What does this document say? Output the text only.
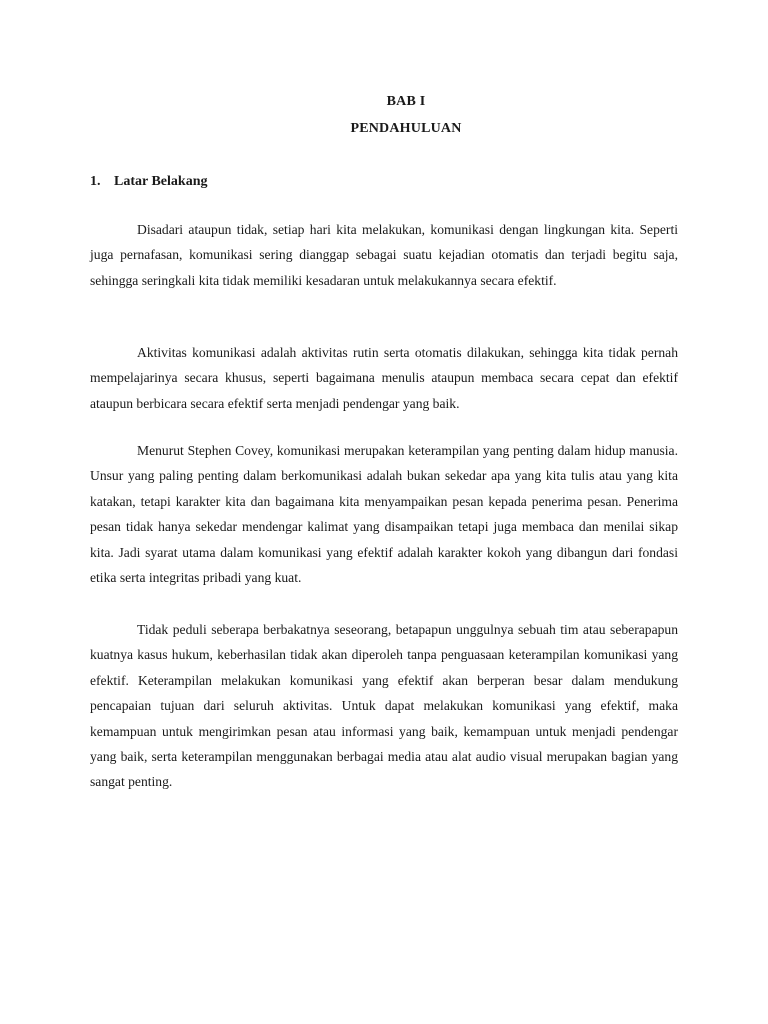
BAB I
PENDAHULUAN
1. Latar Belakang

Disadari ataupun tidak, setiap hari kita melakukan, komunikasi dengan lingkungan kita. Seperti juga pernafasan, komunikasi sering dianggap sebagai suatu kejadian otomatis dan terjadi begitu saja, sehingga seringkali kita tidak memiliki kesadaran untuk melakukannya secara efektif.

Aktivitas komunikasi adalah aktivitas rutin serta otomatis dilakukan, sehingga kita tidak pernah mempelajarinya secara khusus, seperti bagaimana menulis ataupun membaca secara cepat dan efektif ataupun berbicara secara efektif serta menjadi pendengar yang baik.

Menurut Stephen Covey, komunikasi merupakan keterampilan yang penting dalam hidup manusia. Unsur yang paling penting dalam berkomunikasi adalah bukan sekedar apa yang kita tulis atau yang kita katakan, tetapi karakter kita dan bagaimana kita menyampaikan pesan kepada penerima pesan. Penerima pesan tidak hanya sekedar mendengar kalimat yang disampaikan tetapi juga membaca dan menilai sikap kita. Jadi syarat utama dalam komunikasi yang efektif adalah karakter kokoh yang dibangun dari fondasi etika serta integritas pribadi yang kuat.

Tidak peduli seberapa berbakatnya seseorang, betapapun unggulnya sebuah tim atau seberapapun kuatnya kasus hukum, keberhasilan tidak akan diperoleh tanpa penguasaan keterampilan komunikasi yang efektif. Keterampilan melakukan komunikasi yang efektif akan berperan besar dalam mendukung pencapaian tujuan dari seluruh aktivitas. Untuk dapat melakukan komunikasi yang efektif, maka kemampuan untuk mengirimkan pesan atau informasi yang baik, kemampuan untuk menjadi pendengar yang baik, serta keterampilan menggunakan berbagai media atau alat audio visual merupakan bagian yang sangat penting.
